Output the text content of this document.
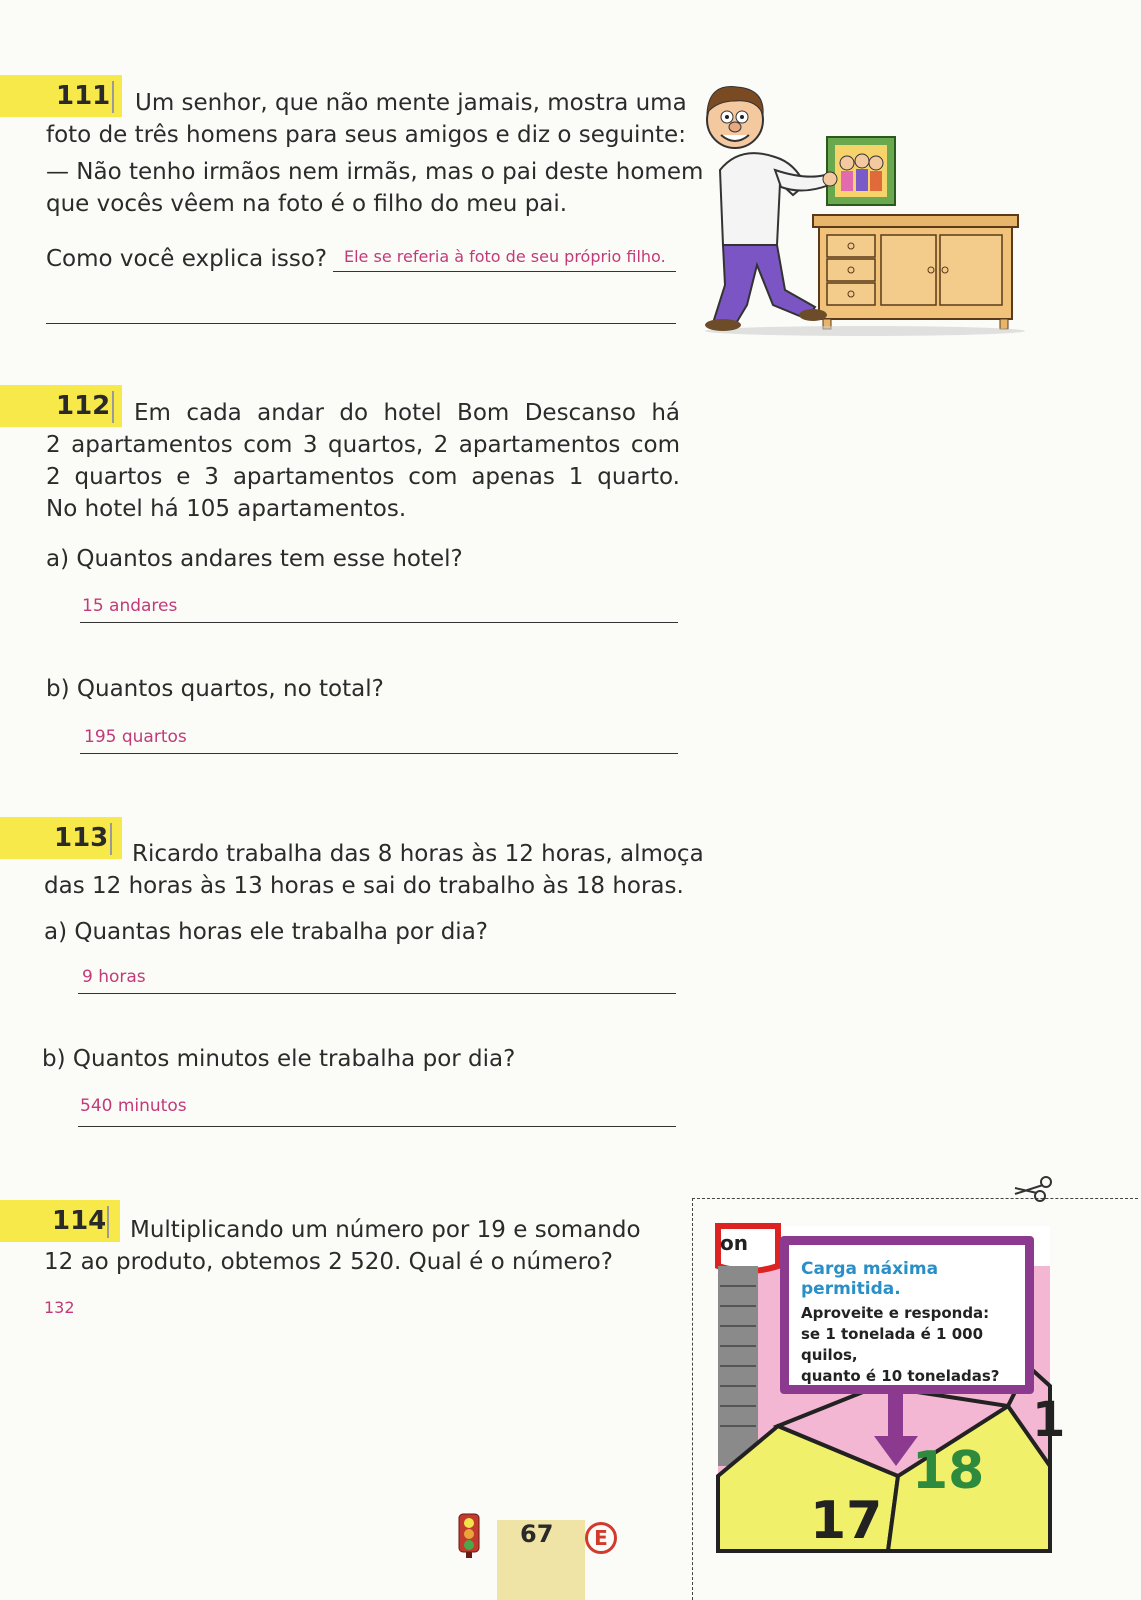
111 Um senhor, que não mente jamais, mostra uma
foto de três homens para seus amigos e diz o seguinte:
— Não tenho irmãos nem irmãs, mas o pai deste homem
que vocês vêem na foto é o filho do meu pai.
Como você explica isso? Ele se referia à foto de seu próprio filho.
112 Em cada andar do hotel Bom Descanso há
2 apartamentos com 3 quartos, 2 apartamentos com
2 quartos e 3 apartamentos com apenas 1 quarto.
No hotel há 105 apartamentos.
a) Quantos andares tem esse hotel?
15 andares
b) Quantos quartos, no total?
195 quartos
113
Ricardo trabalha das 8 horas às 12 horas, almoça
das 12 horas às 13 horas e sai do trabalho às 18 horas.
a) Quantas horas ele trabalha por dia?
9 horas
b) Quantos minutos ele trabalha por dia?
540 minutos
114 Multiplicando um número por 19 e somando
12 ao produto, obtemos 2 520. Qual é o número?
132
17
18
1
on
Carga máxima permitida.
Aproveite e responda:
se 1 tonelada é 1 000 quilos,
quanto é 10 toneladas?
67	E
